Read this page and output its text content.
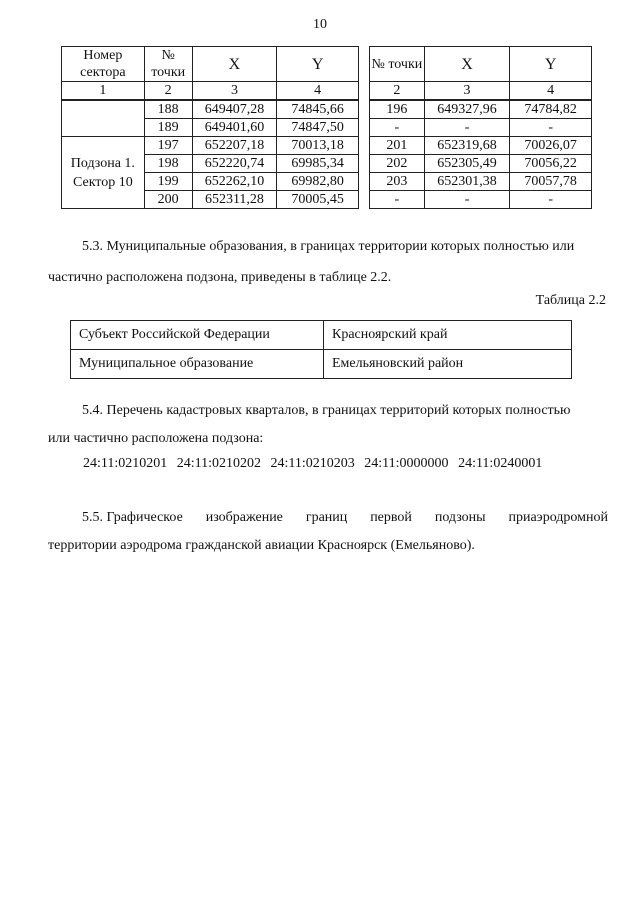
10
Номер сектора	№ точки	X	Y
1	2	3	4
	188	649407,28	74845,66
	189	649401,60	74847,50
Подзона 1. Сектор 10	197	652207,18	70013,18
	198	652220,74	69985,34
	199	652262,10	69982,80
	200	652311,28	70005,45
№ точки	X	Y
2	3	4
196	649327,96	74784,82
-	-	-
201	652319,68	70026,07
202	652305,49	70056,22
203	652301,38	70057,78
-	-	-

5.3. Муниципальные образования, в границах территории которых полностью или

частично расположена подзона, приведены в таблице 2.2.

Таблица 2.2
Субъект Российской Федерации	Красноярский край
Муниципальное образование	Емельяновский район

5.4. Перечень кадастровых кварталов, в границах территорий которых полностью

или частично расположена подзона:

24:11:0210201 24:11:0210202 24:11:0210203 24:11:0000000 24:11:0240001
5.5. Графическое изображение границ первой подзоны приаэродромной

территории аэродрома гражданской авиации Красноярск (Емельяново).
